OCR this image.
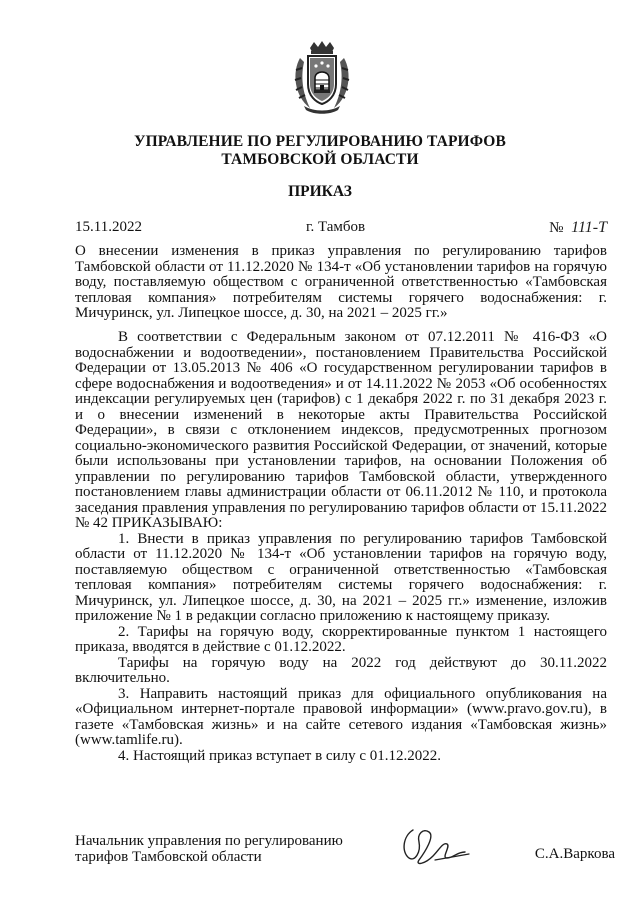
УПРАВЛЕНИЕ ПО РЕГУЛИРОВАНИЮ ТАРИФОВ
ТАМБОВСКОЙ ОБЛАСТИ
ПРИКАЗ
15.11.2022	г. Тамбов	№ 111-Т

О внесении изменения в приказ управления по регулированию тарифов Тамбовской области от 11.12.2020 № 134-т «Об установлении тарифов на горячую воду, поставляемую обществом с ограниченной ответственностью «Тамбовская тепловая компания» потребителям системы горячего водоснабжения: г. Мичуринск, ул. Липецкое шоссе, д. 30, на 2021 – 2025 гг.»

В соответствии с Федеральным законом от 07.12.2011 № 416-ФЗ «О водоснабжении и водоотведении», постановлением Правительства Российской Федерации от 13.05.2013 № 406 «О государственном регулировании тарифов в сфере водоснабжения и водоотведения» и от 14.11.2022 № 2053 «Об особенностях индексации регулируемых цен (тарифов) с 1 декабря 2022 г. по 31 декабря 2023 г. и о внесении изменений в некоторые акты Правительства Российской Федерации», в связи с отклонением индексов, предусмотренных прогнозом социально-экономического развития Российской Федерации, от значений, которые были использованы при установлении тарифов, на основании Положения об управлении по регулированию тарифов Тамбовской области, утвержденного постановлением главы администрации области от 06.11.2012 № 110, и протокола заседания правления управления по регулированию тарифов области от 15.11.2022 № 42 ПРИКАЗЫВАЮ:

1. Внести в приказ управления по регулированию тарифов Тамбовской области от 11.12.2020 № 134-т «Об установлении тарифов на горячую воду, поставляемую обществом с ограниченной ответственностью «Тамбовская тепловая компания» потребителям системы горячего водоснабжения: г. Мичуринск, ул. Липецкое шоссе, д. 30, на 2021 – 2025 гг.» изменение, изложив приложение № 1 в редакции согласно приложению к настоящему приказу.

2. Тарифы на горячую воду, скорректированные пунктом 1 настоящего приказа, вводятся в действие с 01.12.2022.

Тарифы на горячую воду на 2022 год действуют до 30.11.2022 включительно.

3. Направить настоящий приказ для официального опубликования на «Официальном интернет-портале правовой информации» (www.pravo.gov.ru), в газете «Тамбовская жизнь» и на сайте сетевого издания «Тамбовская жизнь» (www.tamlife.ru).

4. Настоящий приказ вступает в силу с 01.12.2022.

Начальник управления по регулированию
тарифов Тамбовской области	С.А.Варкова
